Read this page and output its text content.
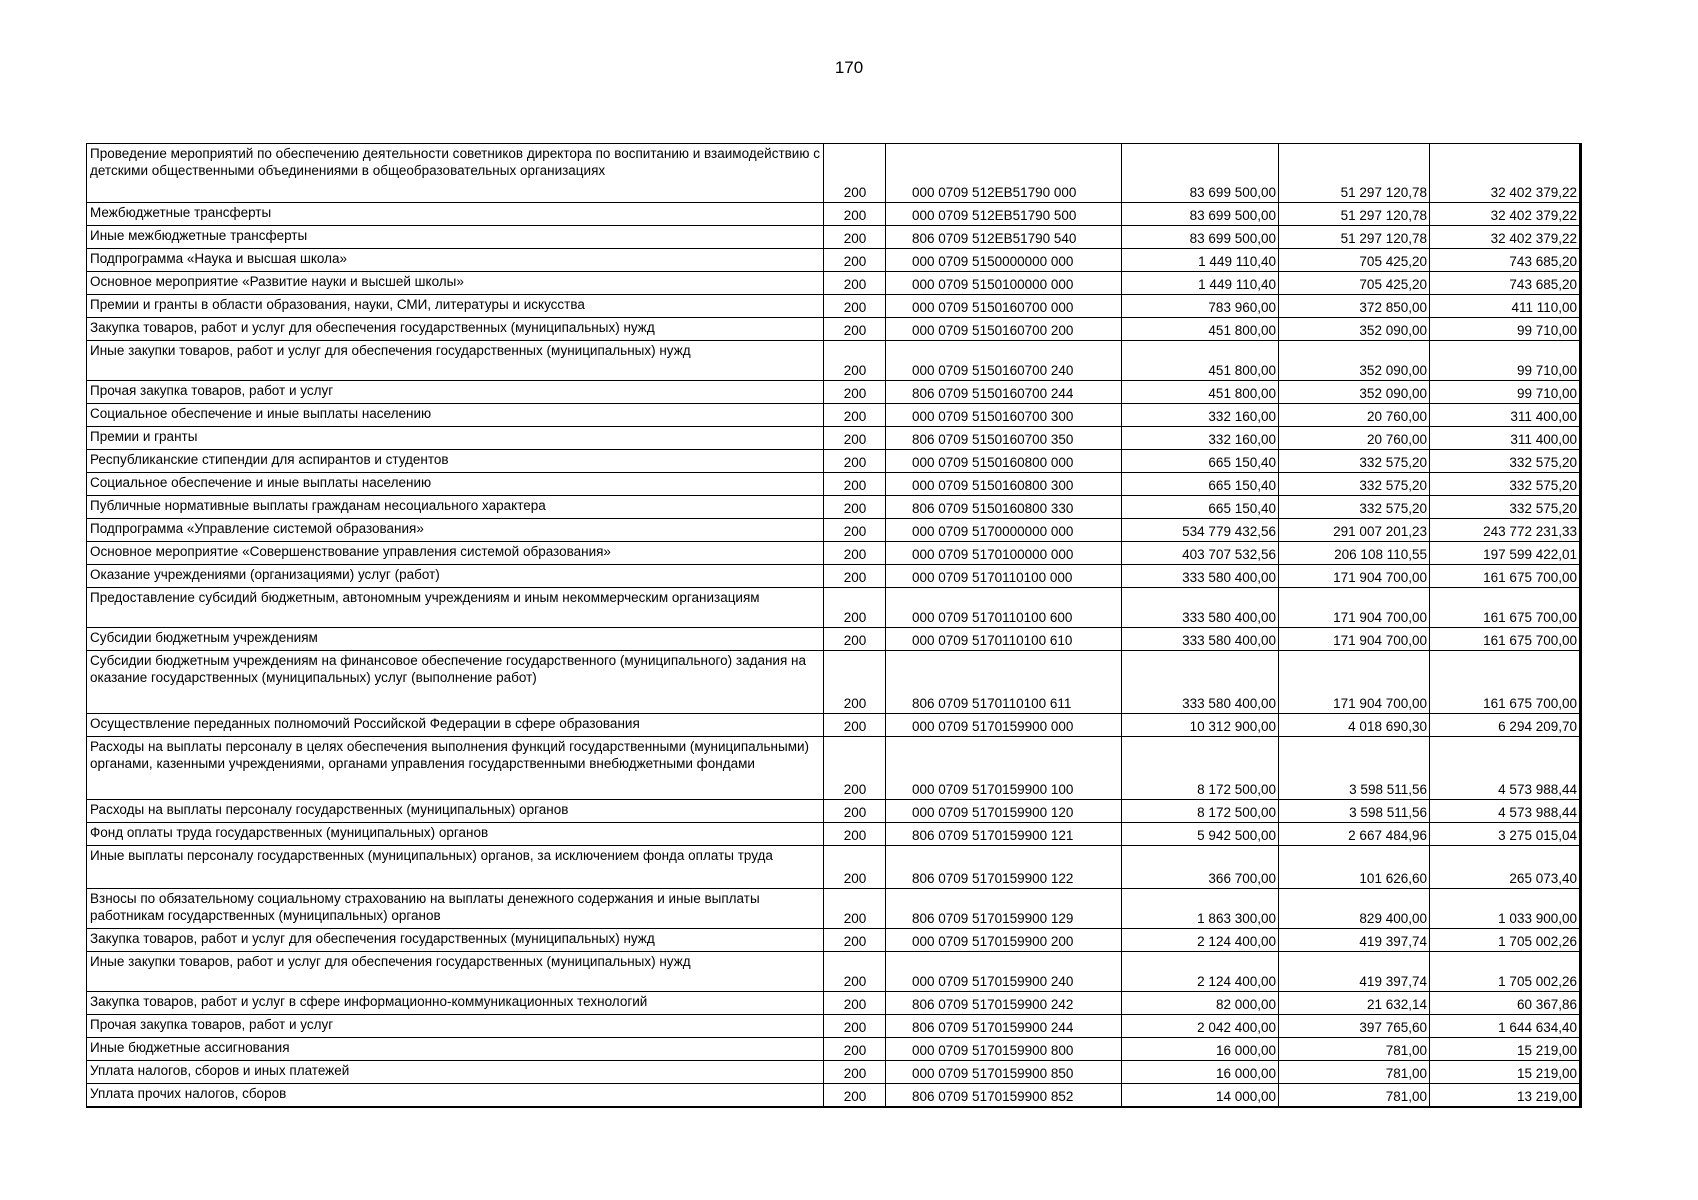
170
Проведение мероприятий по обеспечению деятельности советников директора по воспитанию и взаимодействию с детскими общественными объединениями в общеобразовательных организациях	200	000 0709 512ЕВ51790 000	83 699 500,00	51 297 120,78	32 402 379,22
Межбюджетные трансферты	200	000 0709 512ЕВ51790 500	83 699 500,00	51 297 120,78	32 402 379,22
Иные межбюджетные трансферты	200	806 0709 512ЕВ51790 540	83 699 500,00	51 297 120,78	32 402 379,22
Подпрограмма «Наука и высшая школа»	200	000 0709 5150000000 000	1 449 110,40	705 425,20	743 685,20
Основное мероприятие «Развитие науки и высшей школы»	200	000 0709 5150100000 000	1 449 110,40	705 425,20	743 685,20
Премии и гранты в области образования, науки, СМИ, литературы и искусства	200	000 0709 5150160700 000	783 960,00	372 850,00	411 110,00
Закупка товаров, работ и услуг для обеспечения государственных (муниципальных) нужд	200	000 0709 5150160700 200	451 800,00	352 090,00	99 710,00
Иные закупки товаров, работ и услуг для обеспечения государственных (муниципальных) нужд	200	000 0709 5150160700 240	451 800,00	352 090,00	99 710,00
Прочая закупка товаров, работ и услуг	200	806 0709 5150160700 244	451 800,00	352 090,00	99 710,00
Социальное обеспечение и иные выплаты населению	200	000 0709 5150160700 300	332 160,00	20 760,00	311 400,00
Премии и гранты	200	806 0709 5150160700 350	332 160,00	20 760,00	311 400,00
Республиканские стипендии для аспирантов и студентов	200	000 0709 5150160800 000	665 150,40	332 575,20	332 575,20
Социальное обеспечение и иные выплаты населению	200	000 0709 5150160800 300	665 150,40	332 575,20	332 575,20
Публичные нормативные выплаты гражданам несоциального характера	200	806 0709 5150160800 330	665 150,40	332 575,20	332 575,20
Подпрограмма «Управление системой образования»	200	000 0709 5170000000 000	534 779 432,56	291 007 201,23	243 772 231,33
Основное мероприятие «Совершенствование управления системой образования»	200	000 0709 5170100000 000	403 707 532,56	206 108 110,55	197 599 422,01
Оказание учреждениями (организациями) услуг (работ)	200	000 0709 5170110100 000	333 580 400,00	171 904 700,00	161 675 700,00
Предоставление субсидий бюджетным, автономным учреждениям и иным некоммерческим организациям	200	000 0709 5170110100 600	333 580 400,00	171 904 700,00	161 675 700,00
Субсидии бюджетным учреждениям	200	000 0709 5170110100 610	333 580 400,00	171 904 700,00	161 675 700,00
Субсидии бюджетным учреждениям на финансовое обеспечение государственного (муниципального) задания на оказание государственных (муниципальных) услуг (выполнение работ)	200	806 0709 5170110100 611	333 580 400,00	171 904 700,00	161 675 700,00
Осуществление переданных полномочий Российской Федерации в сфере образования	200	000 0709 5170159900 000	10 312 900,00	4 018 690,30	6 294 209,70
Расходы на выплаты персоналу в целях обеспечения выполнения функций государственными (муниципальными) органами, казенными учреждениями, органами управления государственными внебюджетными фондами	200	000 0709 5170159900 100	8 172 500,00	3 598 511,56	4 573 988,44
Расходы на выплаты персоналу государственных (муниципальных) органов	200	000 0709 5170159900 120	8 172 500,00	3 598 511,56	4 573 988,44
Фонд оплаты труда государственных (муниципальных) органов	200	806 0709 5170159900 121	5 942 500,00	2 667 484,96	3 275 015,04
Иные выплаты персоналу государственных (муниципальных) органов, за исключением фонда оплаты труда	200	806 0709 5170159900 122	366 700,00	101 626,60	265 073,40
Взносы по обязательному социальному страхованию на выплаты денежного содержания и иные выплаты работникам государственных (муниципальных) органов	200	806 0709 5170159900 129	1 863 300,00	829 400,00	1 033 900,00
Закупка товаров, работ и услуг для обеспечения государственных (муниципальных) нужд	200	000 0709 5170159900 200	2 124 400,00	419 397,74	1 705 002,26
Иные закупки товаров, работ и услуг для обеспечения государственных (муниципальных) нужд	200	000 0709 5170159900 240	2 124 400,00	419 397,74	1 705 002,26
Закупка товаров, работ и услуг в сфере информационно-коммуникационных технологий	200	806 0709 5170159900 242	82 000,00	21 632,14	60 367,86
Прочая закупка товаров, работ и услуг	200	806 0709 5170159900 244	2 042 400,00	397 765,60	1 644 634,40
Иные бюджетные ассигнования	200	000 0709 5170159900 800	16 000,00	781,00	15 219,00
Уплата налогов, сборов и иных платежей	200	000 0709 5170159900 850	16 000,00	781,00	15 219,00
Уплата прочих налогов, сборов	200	806 0709 5170159900 852	14 000,00	781,00	13 219,00
